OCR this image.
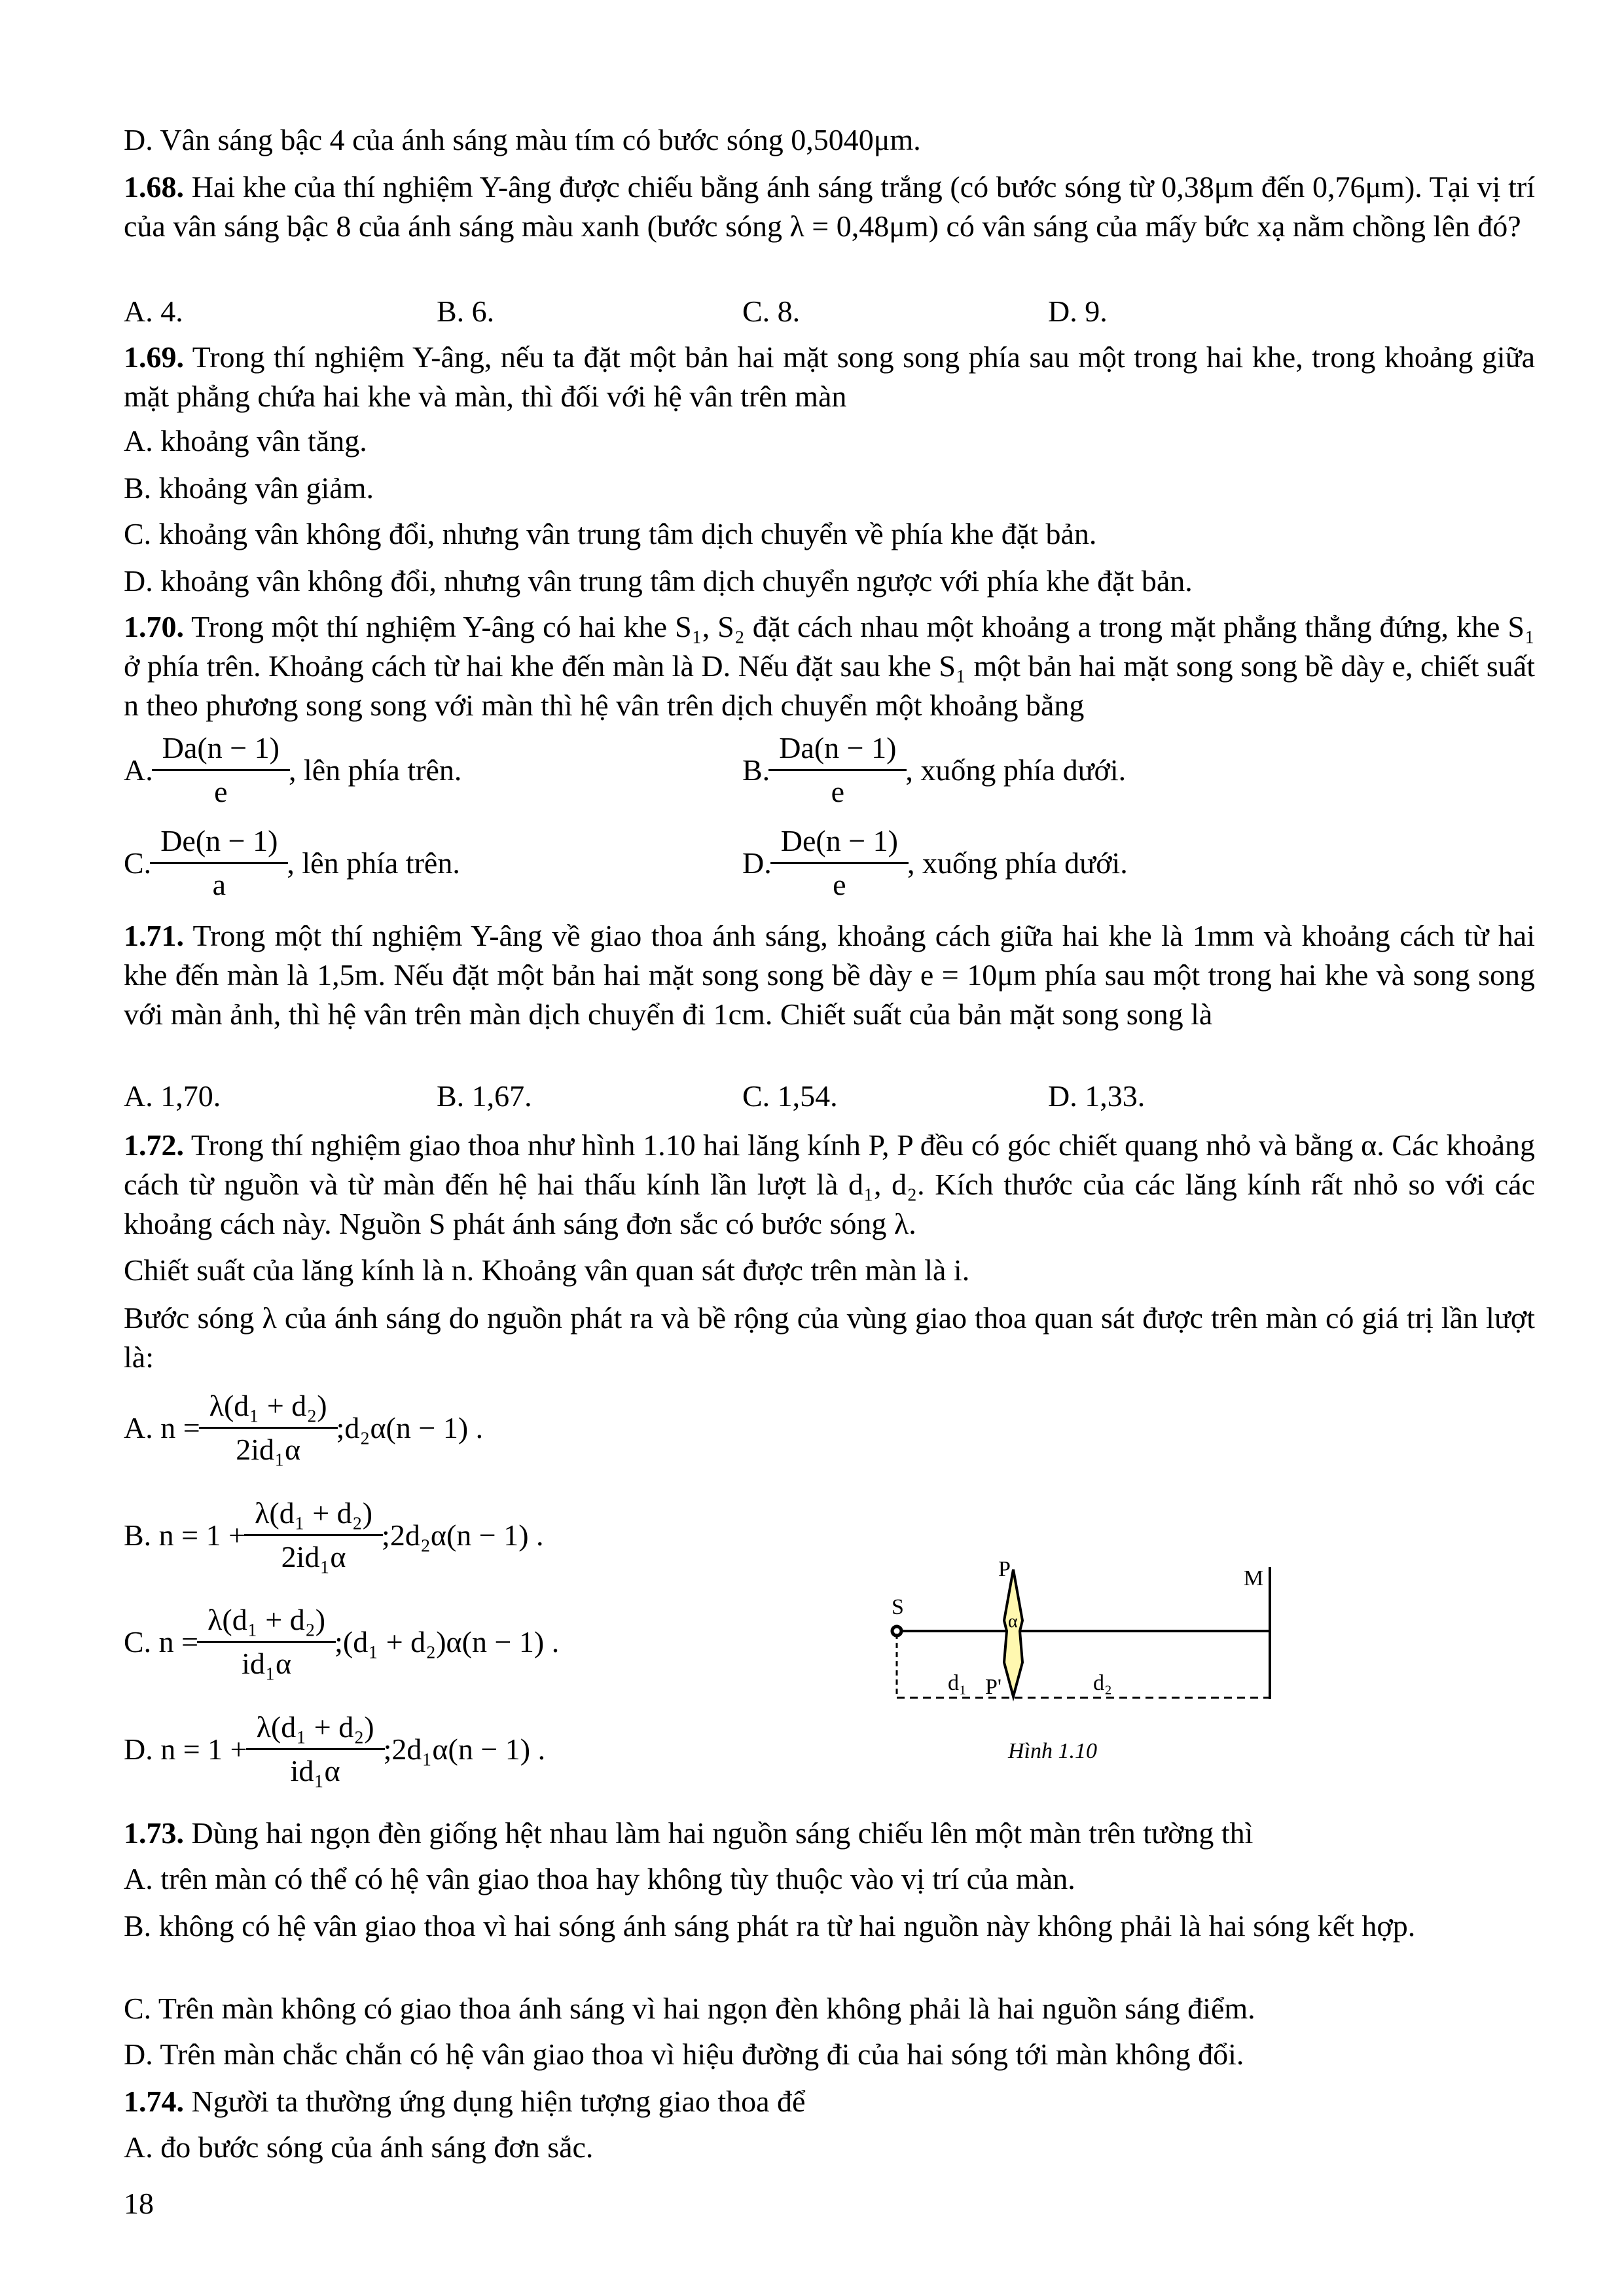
D. Vân sáng bậc 4 của ánh sáng màu tím có bước sóng 0,5040μm.
1.68. Hai khe của thí nghiệm Y-âng được chiếu bằng ánh sáng trắng (có bước sóng từ 0,38μm đến 0,76μm). Tại vị trí của vân sáng bậc 8 của ánh sáng màu xanh (bước sóng λ = 0,48μm) có vân sáng của mấy bức xạ nằm chồng lên đó?
A. 4.	B. 6.	C. 8.	D. 9.
1.69. Trong thí nghiệm Y-âng, nếu ta đặt một bản hai mặt song song phía sau một trong hai khe, trong khoảng giữa mặt phẳng chứa hai khe và màn, thì đối với hệ vân trên màn
A. khoảng vân tăng.
B. khoảng vân giảm.
C. khoảng vân không đổi, nhưng vân trung tâm dịch chuyển về phía khe đặt bản.
D. khoảng vân không đổi, nhưng vân trung tâm dịch chuyển ngược với phía khe đặt bản.
1.70. Trong một thí nghiệm Y-âng có hai khe S₁, S₂ đặt cách nhau một khoảng a trong mặt phẳng thẳng đứng, khe S₁ ở phía trên. Khoảng cách từ hai khe đến màn là D. Nếu đặt sau khe S₁ một bản hai mặt song song bề dày e, chiết suất n theo phương song song với màn thì hệ vân trên dịch chuyển một khoảng bằng
A. $\frac{Da(n - 1)}{e}$ , lên phía trên.	B. $\frac{Da(n - 1)}{e}$ , xuống phía dưới.
C. $\frac{De(n - 1)}{a}$ , lên phía trên.	D. $\frac{De(n - 1)}{e}$ , xuống phía dưới.
1.71. Trong một thí nghiệm Y-âng về giao thoa ánh sáng, khoảng cách giữa hai khe là 1mm và khoảng cách từ hai khe đến màn là 1,5m. Nếu đặt một bản hai mặt song song bề dày e = 10μm phía sau một trong hai khe và song song với màn ảnh, thì hệ vân trên màn dịch chuyển đi 1cm. Chiết suất của bản mặt song song là
A. 1,70.	B. 1,67.	C. 1,54.	D. 1,33.
1.72. Trong thí nghiệm giao thoa như hình 1.10 hai lăng kính P, P đều có góc chiết quang nhỏ và bằng α. Các khoảng cách từ nguồn và từ màn đến hệ hai thấu kính lần lượt là d₁, d₂. Kích thước của các lăng kính rất nhỏ so với các khoảng cách này. Nguồn S phát ánh sáng đơn sắc có bước sóng λ.
Chiết suất của lăng kính là n. Khoảng vân quan sát được trên màn là i.
Bước sóng λ của ánh sáng do nguồn phát ra và bề rộng của vùng giao thoa quan sát được trên màn có giá trị lần lượt là:
A. $n = \frac{\text{λ(d₁ + d₂)}}{\text{2id₁α}}$ ;d₂α(n − 1) .
B. $n = 1 + \frac{\text{λ(d₁ + d₂)}}{\text{2id₁α}}$ ;2d₂α(n − 1) .
C. $n = \frac{\text{λ(d₁ + d₂)}}{\text{id₁α}}$ ;(d₁ + d₂)α(n − 1) .
D. $n = 1 + \frac{\text{λ(d₁ + d₂)}}{\text{id₁α}}$ ;2d₁α(n − 1) .
S
P
α
P'
M
d₁	d₂
Hình 1.10
1.73. Dùng hai ngọn đèn giống hệt nhau làm hai nguồn sáng chiếu lên một màn trên tường thì
A. trên màn có thể có hệ vân giao thoa hay không tùy thuộc vào vị trí của màn.
B. không có hệ vân giao thoa vì hai sóng ánh sáng phát ra từ hai nguồn này không phải là hai sóng kết hợp.
C. Trên màn không có giao thoa ánh sáng vì hai ngọn đèn không phải là hai nguồn sáng điểm.
D. Trên màn chắc chắn có hệ vân giao thoa vì hiệu đường đi của hai sóng tới màn không đổi.
1.74. Người ta thường ứng dụng hiện tượng giao thoa để
A. đo bước sóng của ánh sáng đơn sắc.
18
